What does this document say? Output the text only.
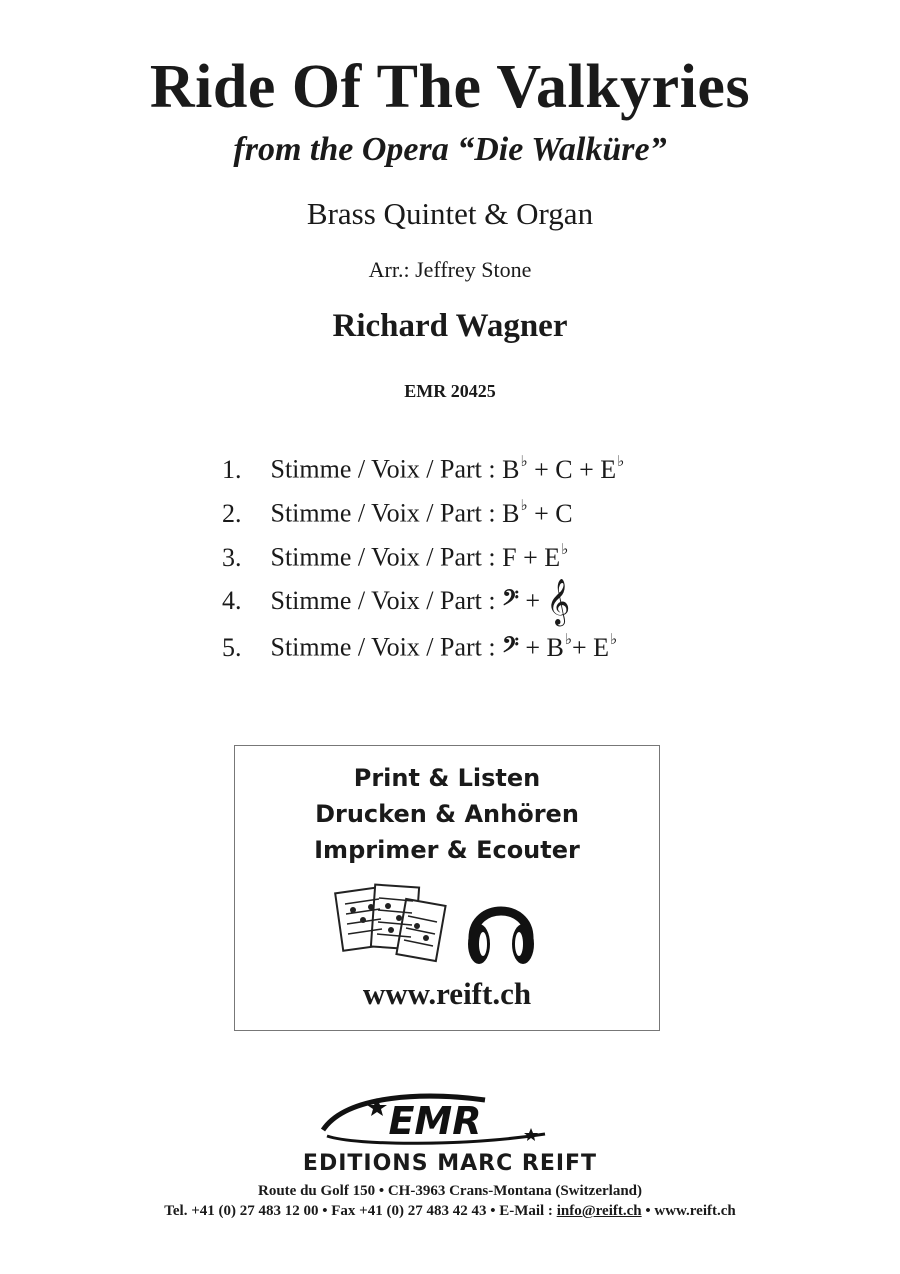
Ride Of The Valkyries
from the Opera “Die Walküre”
Brass Quintet & Organ
Arr.: Jeffrey Stone
Richard Wagner
EMR 20425
1. Stimme / Voix / Part : B♭ + C + E♭
2. Stimme / Voix / Part : B♭ + C
3. Stimme / Voix / Part : F + E♭
4. Stimme / Voix / Part : 𝄢 + 𝄞
5. Stimme / Voix / Part : 𝄢 + B♭+ E♭
Print & Listen
Drucken & Anhören
Imprimer & Ecouter
www.reift.ch
EMR
EDITIONS MARC REIFT
Route du Golf 150 • CH-3963 Crans-Montana (Switzerland)
Tel. +41 (0) 27 483 12 00 • Fax +41 (0) 27 483 42 43 • E-Mail : info@reift.ch • www.reift.ch
